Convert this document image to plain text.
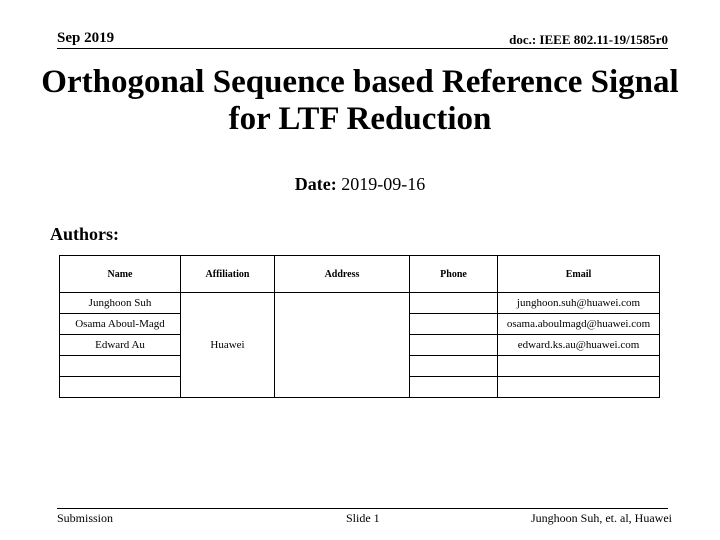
Sep 2019	doc.: IEEE 802.11-19/1585r0
Orthogonal Sequence based Reference Signal
for LTF Reduction
Date: 2019-09-16
Authors:
Name	Affiliation	Address	Phone	Email
Junghoon Suh	Huawei			junghoon.suh@huawei.com
Osama Aboul-Magd				osama.aboulmagd@huawei.com
Edward Au				edward.ks.au@huawei.com

Submission	Slide 1	Junghoon Suh, et. al, Huawei
